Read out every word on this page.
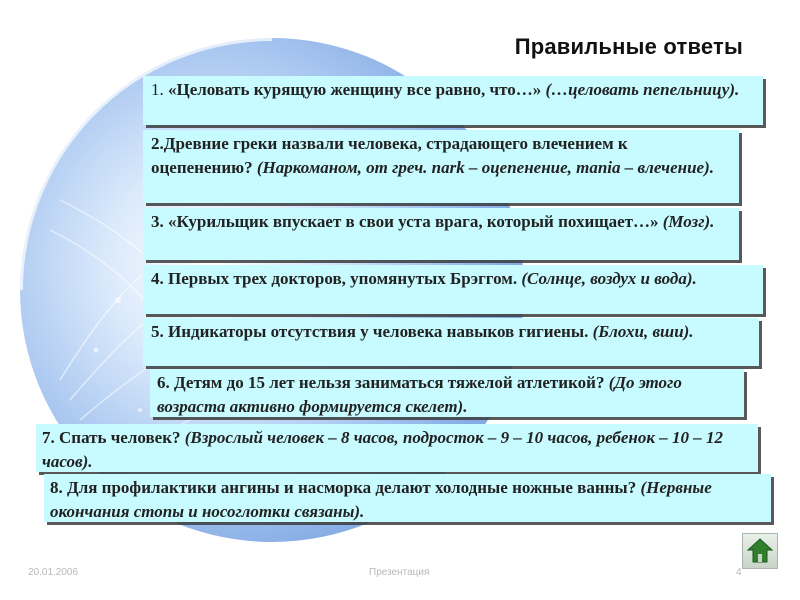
Правильные ответы
1. «Целовать курящую женщину все равно, что…» (…целовать пепельницу).
2.Древние греки назвали человека, страдающего влечением к оцепенению? (Наркоманом, от греч. nark – оцепенение, mania – влечение).
3. «Курильщик впускает в свои уста врага, который похищает…» (Мозг).
4. Первых трех докторов, упомянутых Брэггом. (Солнце, воздух и вода).
5. Индикаторы отсутствия у человека навыков гигиены. (Блохи, вши).
6. Детям до 15 лет нельзя заниматься тяжелой атлетикой? (До этого возраста активно формируется скелет).
7. Спать человек? (Взрослый человек – 8 часов, подросток – 9 – 10 часов, ребенок – 10 – 12 часов).
8. Для профилактики ангины и насморка делают холодные ножные ванны? (Нервные окончания стопы и носоглотки связаны).
20.01.2006	Презентация	4
